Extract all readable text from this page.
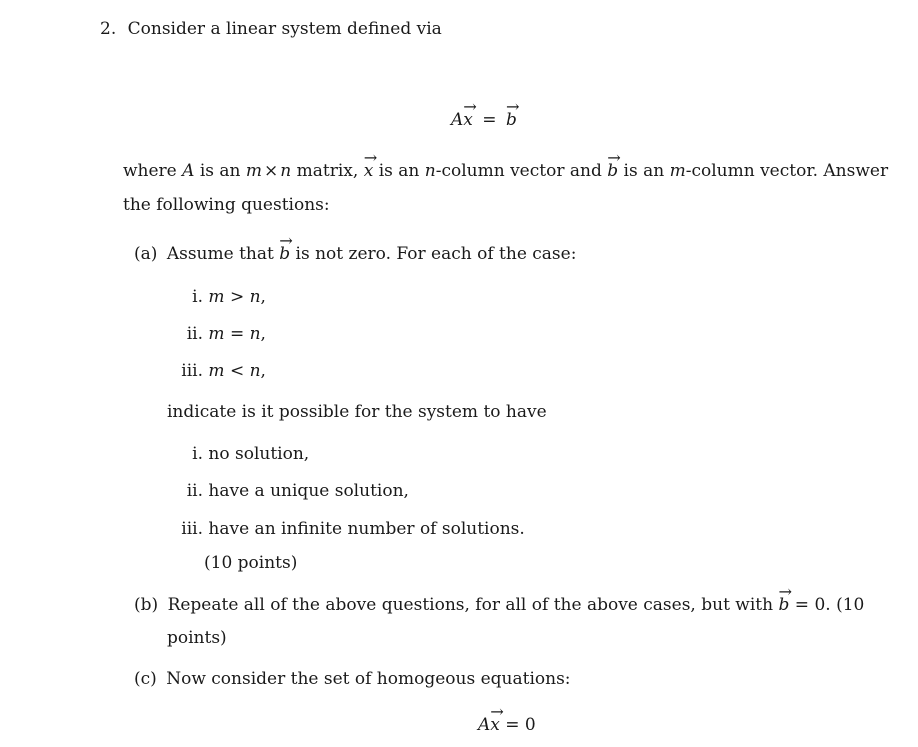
2. Consider a linear system defined via
Ax → = b →
where A is an m × n matrix, x → is an n-column vector and b → is an m-column vector. Answer
the following questions:
(a) Assume that b → is not zero. For each of the case:
i. m > n,
ii. m = n,
iii. m < n,
indicate is it possible for the system to have
i. no solution,
ii. have a unique solution,
iii. have an infinite number of solutions.
(10 points)
(b) Repeate all of the above questions, for all of the above cases, but with b → = 0. (10
points)
(c) Now consider the set of homogeous equations:
Ax → = 0
